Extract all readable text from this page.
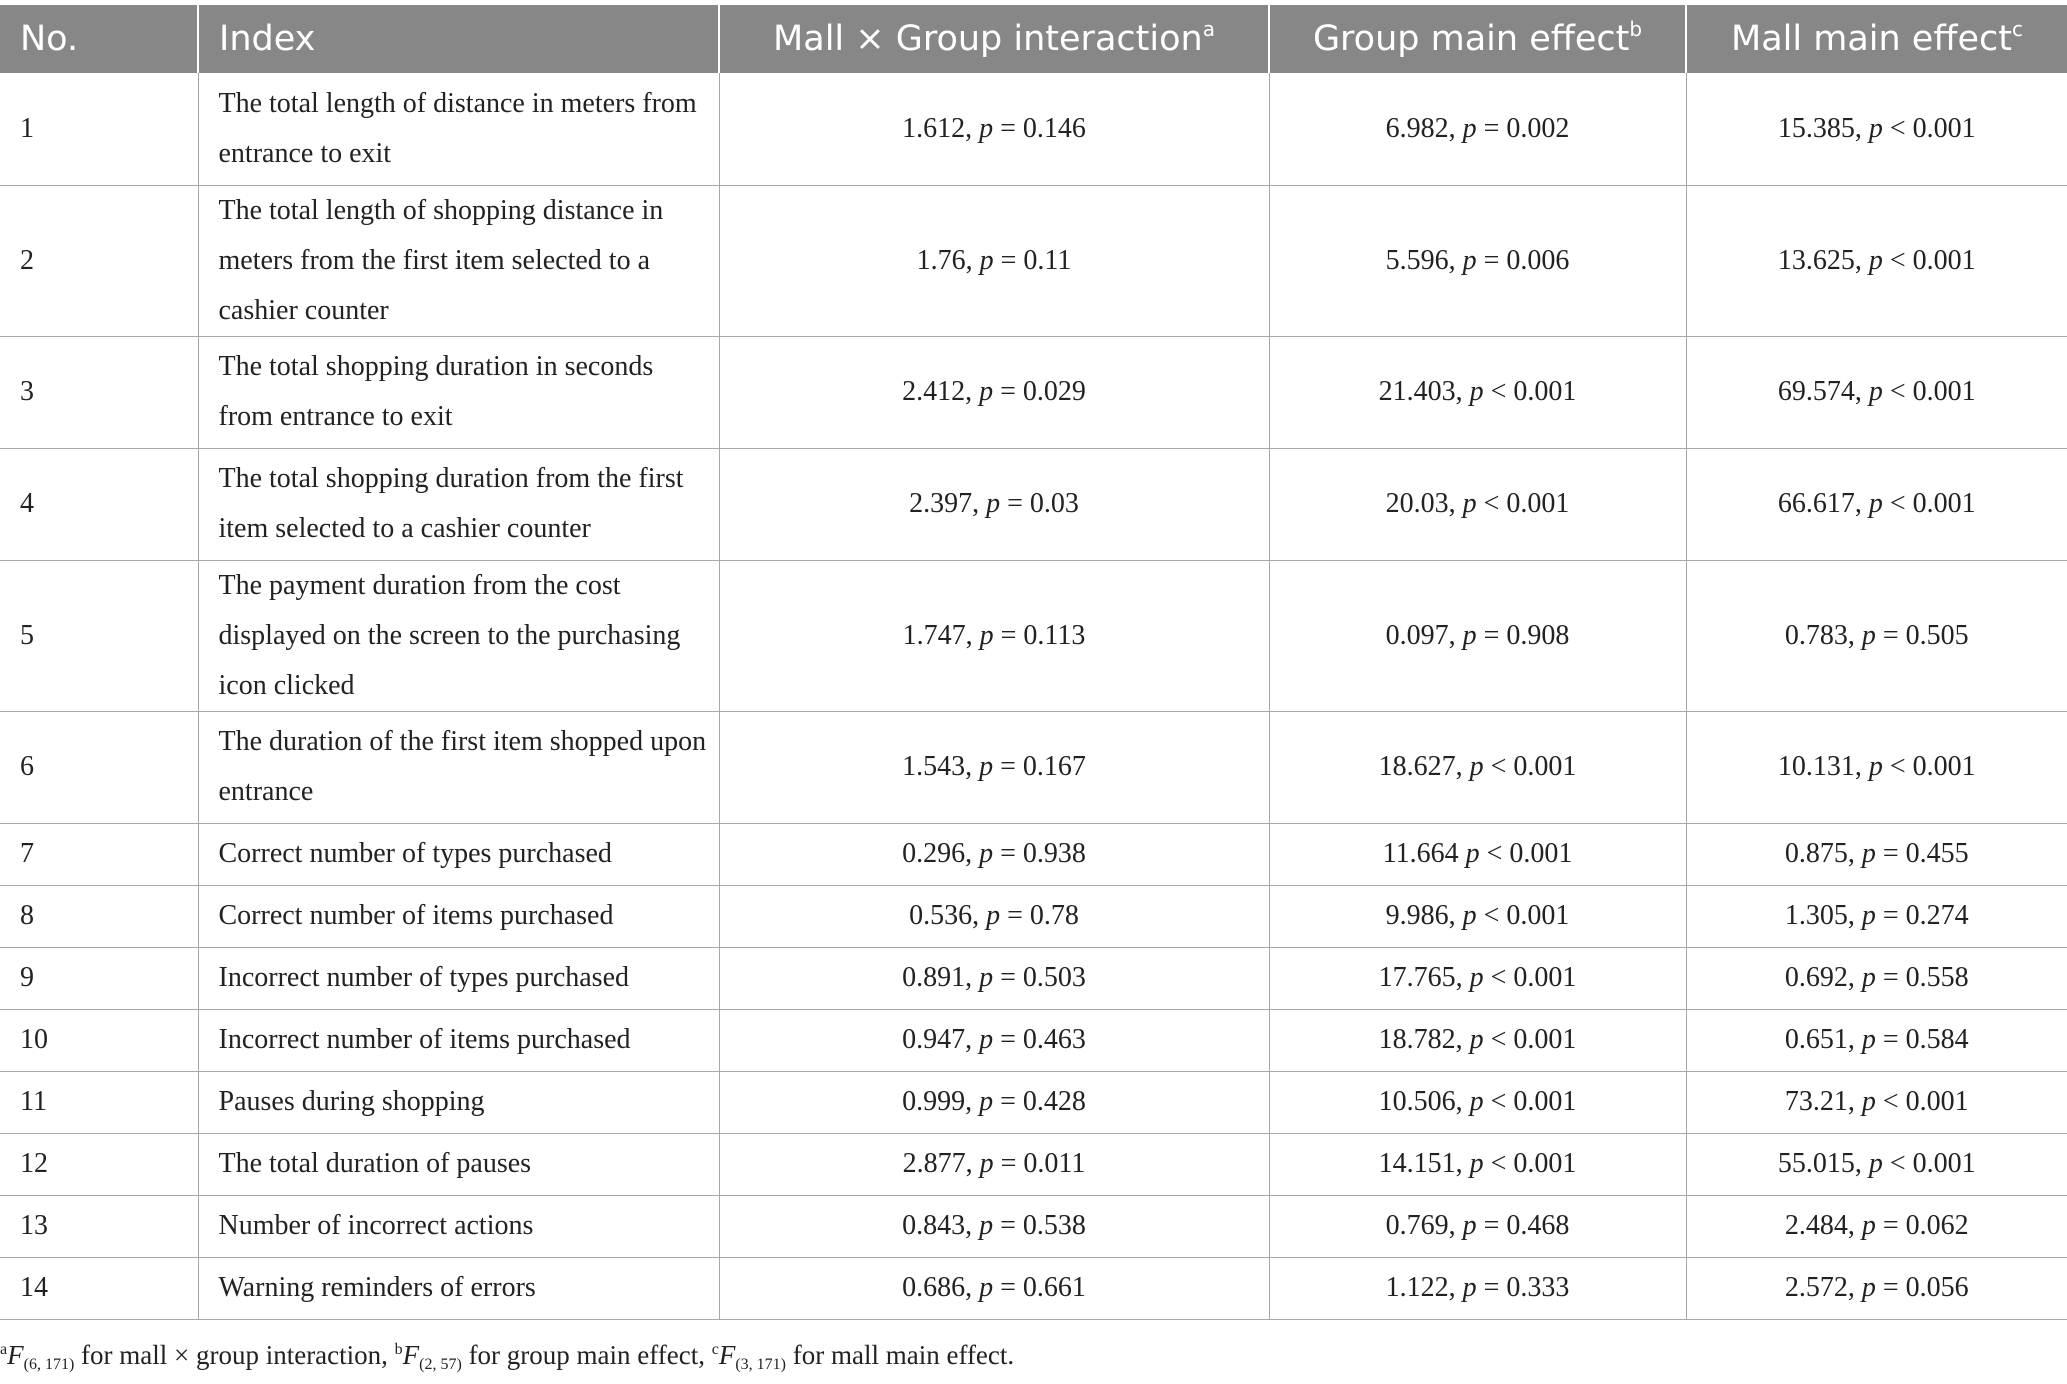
No.	Index	Mall × Group interaction$^a$	Group main effect$^b$	Mall main effect$^c$
1	The total length of distance in meters from entrance to exit	1.612, p = 0.146	6.982, p = 0.002	15.385, p < 0.001
2	The total length of shopping distance in meters from the first item selected to a cashier counter	1.76, p = 0.11	5.596, p = 0.006	13.625, p < 0.001
3	The total shopping duration in seconds from entrance to exit	2.412, p = 0.029	21.403, p < 0.001	69.574, p < 0.001
4	The total shopping duration from the first item selected to a cashier counter	2.397, p = 0.03	20.03, p < 0.001	66.617, p < 0.001
5	The payment duration from the cost displayed on the screen to the purchasing icon clicked	1.747, p = 0.113	0.097, p = 0.908	0.783, p = 0.505
6	The duration of the first item shopped upon entrance	1.543, p = 0.167	18.627, p < 0.001	10.131, p < 0.001
7	Correct number of types purchased	0.296, p = 0.938	11.664 p < 0.001	0.875, p = 0.455
8	Correct number of items purchased	0.536, p = 0.78	9.986, p < 0.001	1.305, p = 0.274
9	Incorrect number of types purchased	0.891, p = 0.503	17.765, p < 0.001	0.692, p = 0.558
10	Incorrect number of items purchased	0.947, p = 0.463	18.782, p < 0.001	0.651, p = 0.584
11	Pauses during shopping	0.999, p = 0.428	10.506, p < 0.001	73.21, p < 0.001
12	The total duration of pauses	2.877, p = 0.011	14.151, p < 0.001	55.015, p < 0.001
13	Number of incorrect actions	0.843, p = 0.538	0.769, p = 0.468	2.484, p = 0.062
14	Warning reminders of errors	0.686, p = 0.661	1.122, p = 0.333	2.572, p = 0.056
$^aF_{(6, 171)}$ for mall × group interaction, $^bF_{(2, 57)}$ for group main effect, $^cF_{(3, 171)}$ for mall main effect.
